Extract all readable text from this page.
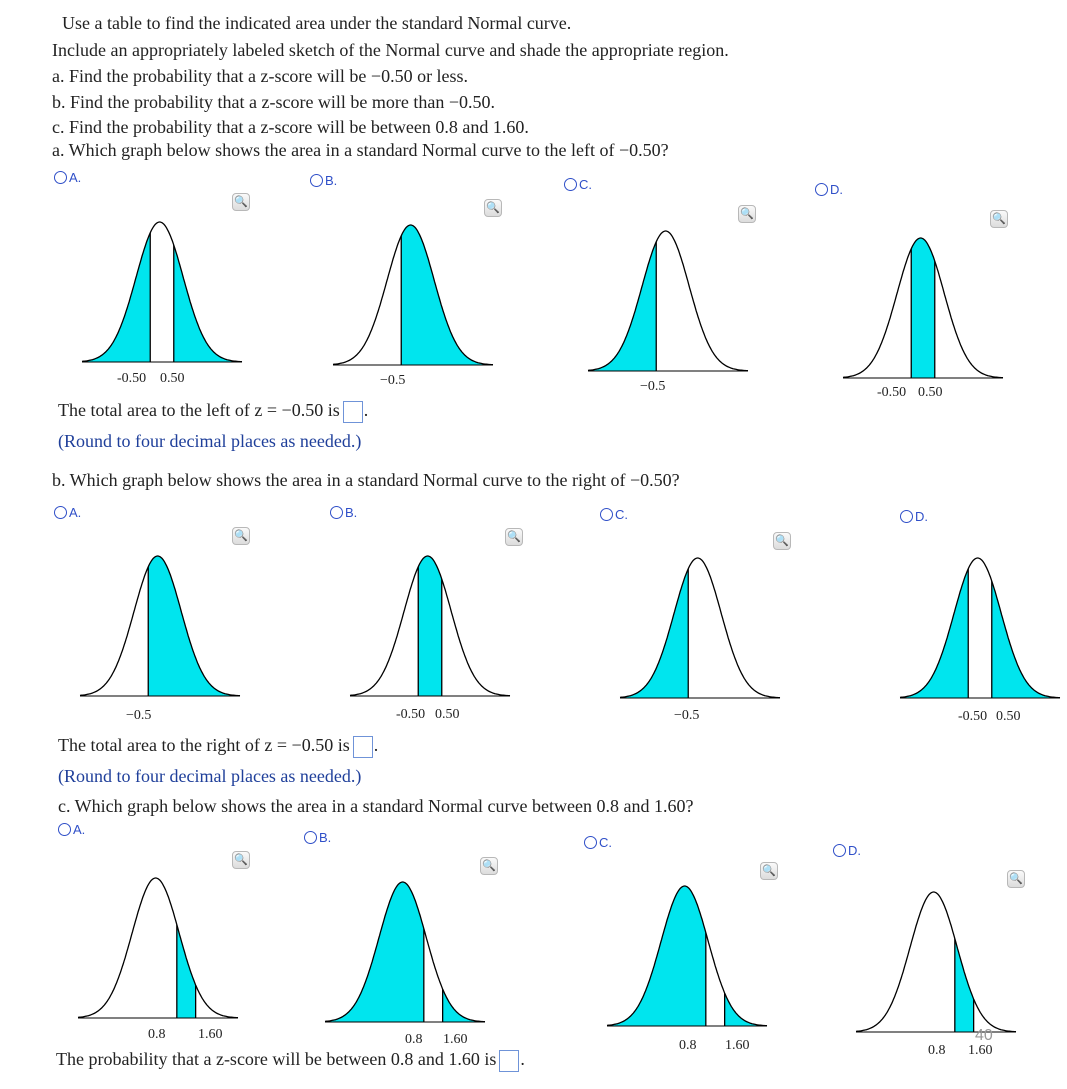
Use a table to find the indicated area under the standard Normal curve.
Include an appropriately labeled sketch of the Normal curve and shade the appropriate region.
a. Find the probability that a z-score will be −0.50 or less.
b. Find the probability that a z-score will be more than −0.50.
c. Find the probability that a z-score will be between 0.8 and 1.60.
a. Which graph below shows the area in a standard Normal curve to the left of −0.50?
A.	B.	C.	D.
🔍	🔍	🔍	🔍
-0.50 0.50	−0.5	−0.5	-0.50 0.50
The total area to the left of z = −0.50 is .
(Round to four decimal places as needed.)
b. Which graph below shows the area in a standard Normal curve to the right of −0.50?
A.	B.	C.	D.
🔍	🔍	🔍
−0.5	-0.50 0.50	−0.5	-0.50 0.50
The total area to the right of z = −0.50 is .
(Round to four decimal places as needed.)
c. Which graph below shows the area in a standard Normal curve between 0.8 and 1.60?
A.
B.	C.
D.
🔍	🔍	🔍
🔍
0.8 1.60	0.8 1.60	0.8 1.60	0.8 1.60
The probability that a z-score will be between 0.8 and 1.60 is .
40
